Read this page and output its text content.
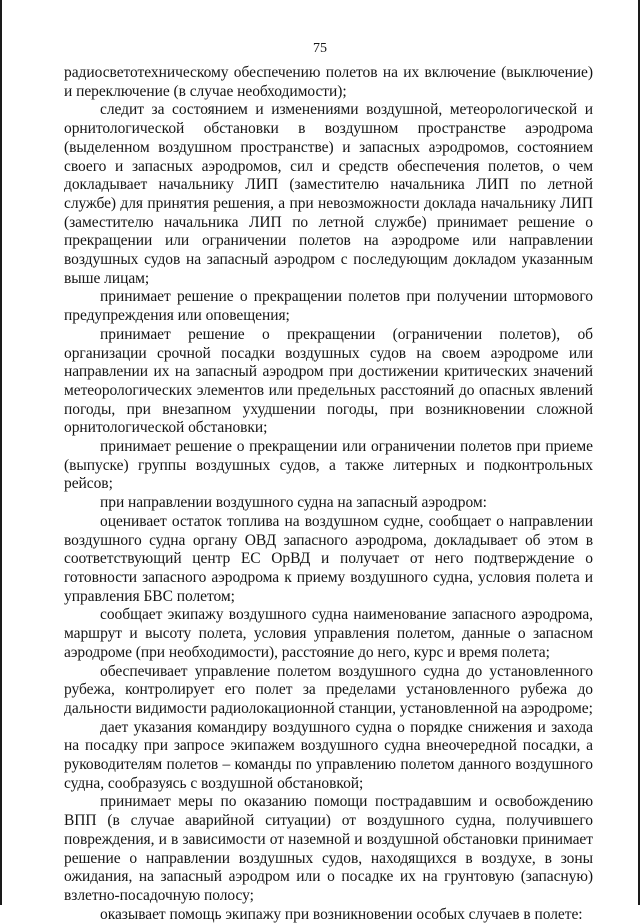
75

радиосветотехническому обеспечению полетов на их включение (выключение) и переключение (в случае необходимости);

следит за состоянием и изменениями воздушной, метеорологической и орнитологической обстановки в воздушном пространстве аэродрома (выделенном воздушном пространстве) и запасных аэродромов, состоянием своего и запасных аэродромов, сил и средств обеспечения полетов, о чем докладывает начальнику ЛИП (заместителю начальника ЛИП по летной службе) для принятия решения, а при невозможности доклада начальнику ЛИП (заместителю начальника ЛИП по летной службе) принимает решение о прекращении или ограничении полетов на аэродроме или направлении воздушных судов на запасный аэродром с последующим докладом указанным выше лицам;

принимает решение о прекращении полетов при получении штормового предупреждения или оповещения;

принимает решение о прекращении (ограничении полетов), об организации срочной посадки воздушных судов на своем аэродроме или направлении их на запасный аэродром при достижении критических значений метеорологических элементов или предельных расстояний до опасных явлений погоды, при внезапном ухудшении погоды, при возникновении сложной орнитологической обстановки;

принимает решение о прекращении или ограничении полетов при приеме (выпуске) группы воздушных судов, а также литерных и подконтрольных рейсов;

при направлении воздушного судна на запасный аэродром:

оценивает остаток топлива на воздушном судне, сообщает о направлении воздушного судна органу ОВД запасного аэродрома, докладывает об этом в соответствующий центр ЕС ОрВД и получает от него подтверждение о готовности запасного аэродрома к приему воздушного судна, условия полета и управления БВС полетом;

сообщает экипажу воздушного судна наименование запасного аэродрома, маршрут и высоту полета, условия управления полетом, данные о запасном аэродроме (при необходимости), расстояние до него, курс и время полета;

обеспечивает управление полетом воздушного судна до установленного рубежа, контролирует его полет за пределами установленного рубежа до дальности видимости радиолокационной станции, установленной на аэродроме;

дает указания командиру воздушного судна о порядке снижения и захода на посадку при запросе экипажем воздушного судна внеочередной посадки, а руководителям полетов – команды по управлению полетом данного воздушного судна, сообразуясь с воздушной обстановкой;

принимает меры по оказанию помощи пострадавшим и освобождению ВПП (в случае аварийной ситуации) от воздушного судна, получившего повреждения, и в зависимости от наземной и воздушной обстановки принимает решение о направлении воздушных судов, находящихся в воздухе, в зоны ожидания, на запасный аэродром или о посадке их на грунтовую (запасную) взлетно-посадочную полосу;

оказывает помощь экипажу при возникновении особых случаев в полете:
